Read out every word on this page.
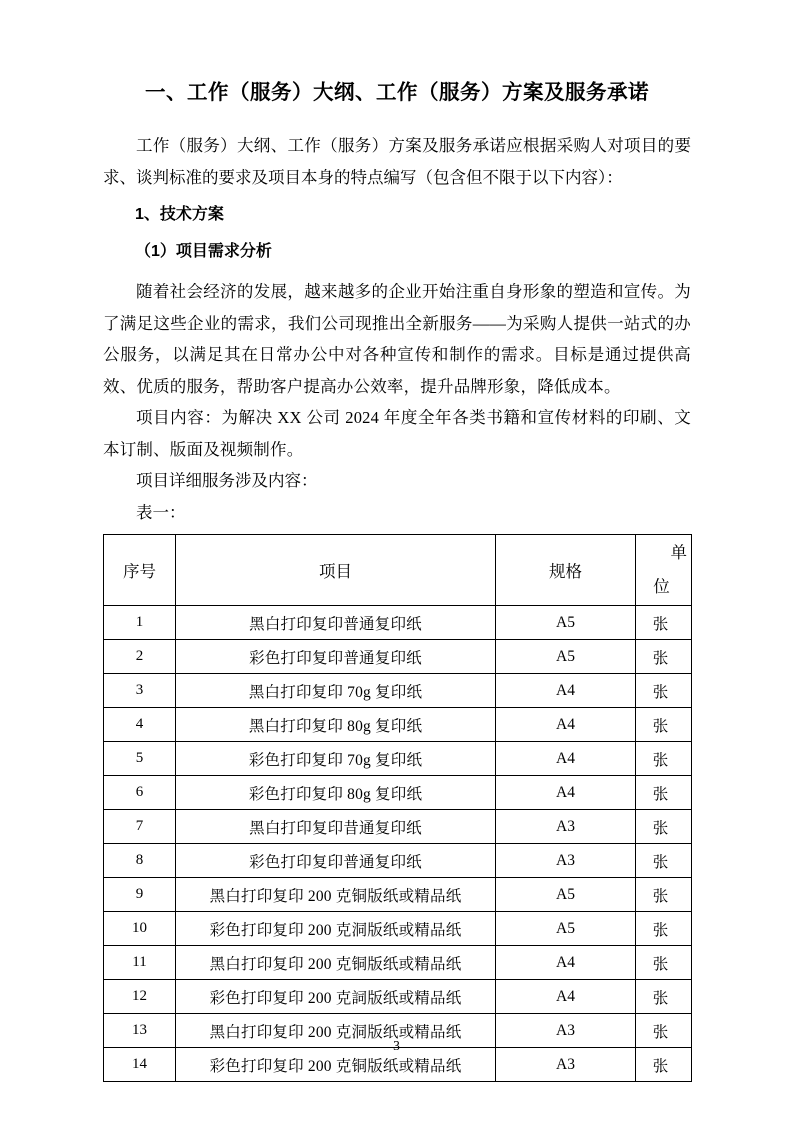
一、工作（服务）大纲、工作（服务）方案及服务承诺

工作（服务）大纲、工作（服务）方案及服务承诺应根据采购人对项目的要求、谈判标准的要求及项目本身的特点编写（包含但不限于以下内容）：

1、技术方案
（1）项目需求分析

随着社会经济的发展，越来越多的企业开始注重自身形象的塑造和宣传。为了满足这些企业的需求，我们公司现推出全新服务——为采购人提供一站式的办公服务，以满足其在日常办公中对各种宣传和制作的需求。目标是通过提供高效、优质的服务，帮助客户提高办公效率，提升品牌形象，降低成本。

项目内容：为解决 XX 公司 2024 年度全年各类书籍和宣传材料的印刷、文本订制、版面及视频制作。

项目详细服务涉及内容：

表一：

序号	项目	规格	单
位

1	黑白打印复印普通复印纸	A5	张
2	彩色打印复印普通复印纸	A5	张
3	黑白打印复印 70g 复印纸	A4	张
4	黑白打印复印 80g 复印纸	A4	张
5	彩色打印复印 70g 复印纸	A4	张
6	彩色打印复印 80g 复印纸	A4	张
7	黑白打印复印昔通复印纸	A3	张
8	彩色打印复印普通复印纸	A3	张
9	黑白打印复印 200 克铜版纸或精品纸	A5	张
10	彩色打印复印 200 克洞版纸或精品纸	A5	张
11	黑白打印复印 200 克铜版纸或精品纸	A4	张
12	彩色打印复印 200 克詞版纸或精品纸	A4	张
13	黑白打印复印 200 克洞版纸或精品纸	A3	张
14	彩色打印复印 200 克铜版纸或精品纸	A3	张
3
